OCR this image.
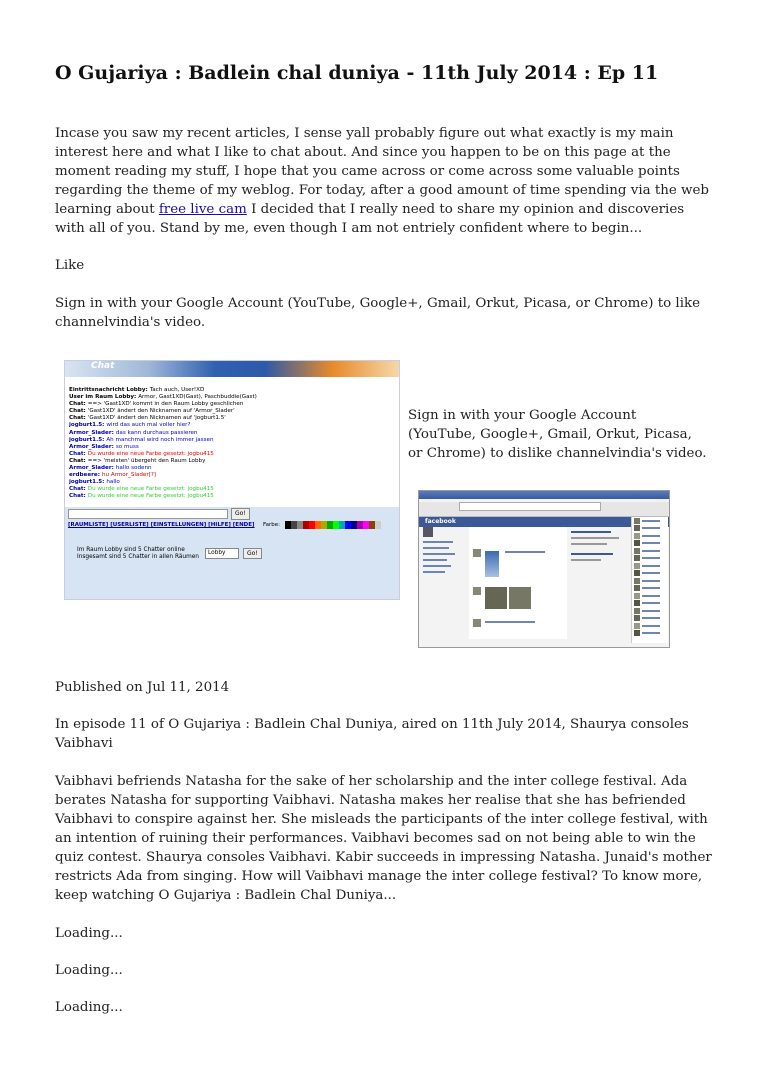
O Gujariya : Badlein chal duniya - 11th July 2014 : Ep 11

Incase you saw my recent articles, I sense yall probably figure out what exactly is my main interest here and what I like to chat about. And since you happen to be on this page at the moment reading my stuff, I hope that you came across or come across some valuable points regarding the theme of my weblog. For today, after a good amount of time spending via the web learning about free live cam I decided that I really need to share my opinion and discoveries with all of you. Stand by me, even though I am not entriely confident where to begin...

Like

Sign in with your Google Account (YouTube, Google+, Gmail, Orkut, Picasa, or Chrome) to like channelvindia's video.

Chat
Eintrittsnachricht Lobby: Tach auch, User!XD
User im Raum Lobby: Armor, Gast1XD(Gast), Paschbuddie(Gast)
Chat: ==> 'Gast1XD' kommt in den Raum Lobby geschlichen
Chat: 'Gast1XD' ändert den Nicknamen auf 'Armor_Slader'
Chat: 'Gast1XD' ändert den Nicknamen auf 'jogburt1.5'
jogburt1.5: wird das auch mal voller hier?
Armor_Slader: das kann durchaus passieren
jogburt1.5: Ah manchmal wird noch immer jassen
Armor_Slader: so muss
Chat: Du wurde eine neue Farbe gesetzt: jogbu415
Chat: ==> 'meisten' übergeht den Raum Lobby
Armor_Slader: hallo sodenn
erdbeere: hu Armor_Slader[?]
jogburt1.5: hallo
Chat: Du wurde eine neue Farbe gesetzt: jogbu415
Chat: Du wurde eine neue Farbe gesetzt: jogbu415
Go!
[RAUMLISTE] [USERLISTE] [EINSTELLUNGEN] [HILFE] [ENDE] Farbe:
Im Raum Lobby sind 5 Chatter online
Insgesamt sind 5 Chatter in allen Räumen
Lobby	Go!

Sign in with your Google Account (YouTube, Google+, Gmail, Orkut, Picasa, or Chrome) to dislike channelvindia's video.

facebook

Published on Jul 11, 2014

In episode 11 of O Gujariya : Badlein Chal Duniya, aired on 11th July 2014, Shaurya consoles Vaibhavi

Vaibhavi befriends Natasha for the sake of her scholarship and the inter college festival. Ada berates Natasha for supporting Vaibhavi. Natasha makes her realise that she has befriended Vaibhavi to conspire against her. She misleads the participants of the inter college festival, with an intention of ruining their performances. Vaibhavi becomes sad on not being able to win the quiz contest. Shaurya consoles Vaibhavi. Kabir succeeds in impressing Natasha. Junaid's mother restricts Ada from singing. How will Vaibhavi manage the inter college festival? To know more, keep watching O Gujariya : Badlein Chal Duniya...

Loading...

Loading...

Loading...
